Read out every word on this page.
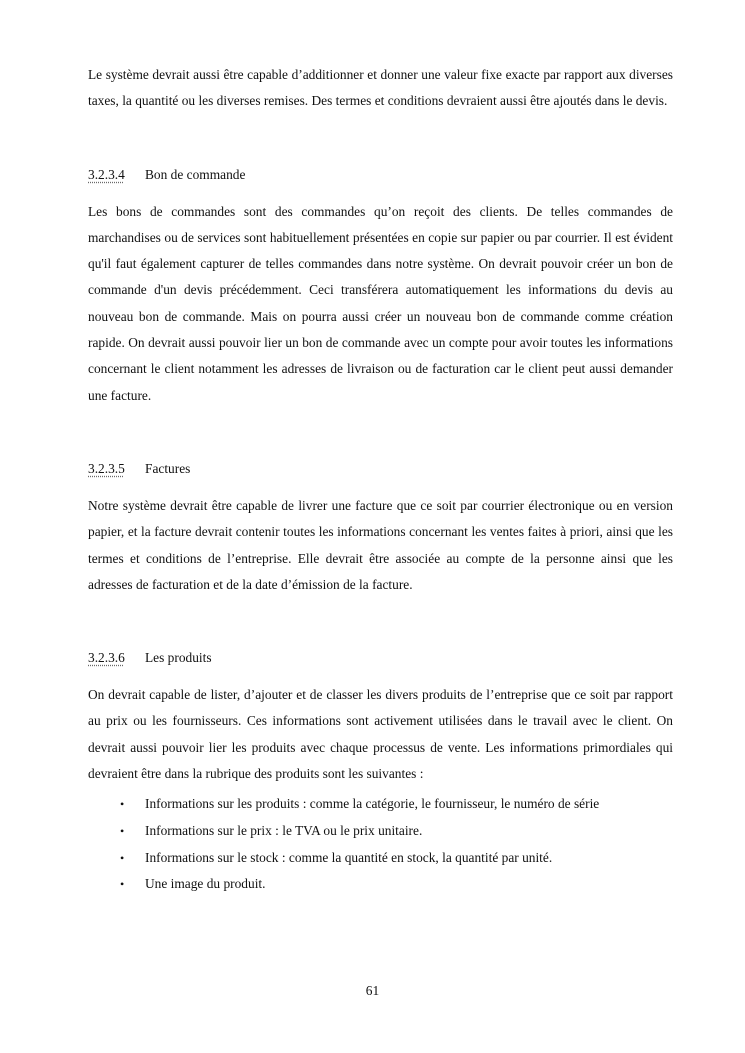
Le système devrait aussi être capable d’additionner et donner une valeur fixe exacte par rapport aux diverses taxes, la quantité ou les diverses remises. Des termes et conditions devraient aussi être ajoutés dans le devis.

3.2.3.4	Bon de commande

Les bons de commandes sont des commandes qu’on reçoit des clients. De telles commandes de marchandises ou de services sont habituellement présentées en copie sur papier ou par courrier. Il est évident qu'il faut également capturer de telles commandes dans notre système. On devrait pouvoir créer un bon de commande d'un devis précédemment. Ceci transférera automatiquement les informations du devis au nouveau bon de commande. Mais on pourra aussi créer un nouveau bon de commande comme création rapide. On devrait aussi pouvoir lier un bon de commande avec un compte pour avoir toutes les informations concernant le client notamment les adresses de livraison ou de facturation car le client peut aussi demander une facture.

3.2.3.5	Factures

Notre système devrait être capable de livrer une facture que ce soit par courrier électronique ou en version papier, et la facture devrait contenir toutes les informations concernant les ventes faites à priori, ainsi que les termes et conditions de l’entreprise. Elle devrait être associée au compte de la personne ainsi que les adresses de facturation et de la date d’émission de la facture.

3.2.3.6	Les produits

On devrait capable de lister, d’ajouter et de classer les divers produits de l’entreprise que ce soit par rapport au prix ou les fournisseurs. Ces informations sont activement utilisées dans le travail avec le client. On devrait aussi pouvoir lier les produits avec chaque processus de vente. Les informations primordiales qui devraient être dans la rubrique des produits sont les suivantes :

•	Informations sur les produits : comme la catégorie, le fournisseur, le numéro de série
•	Informations sur le prix : le TVA ou le prix unitaire.
•	Informations sur le stock : comme la quantité en stock, la quantité par unité.
•	Une image du produit.
61
